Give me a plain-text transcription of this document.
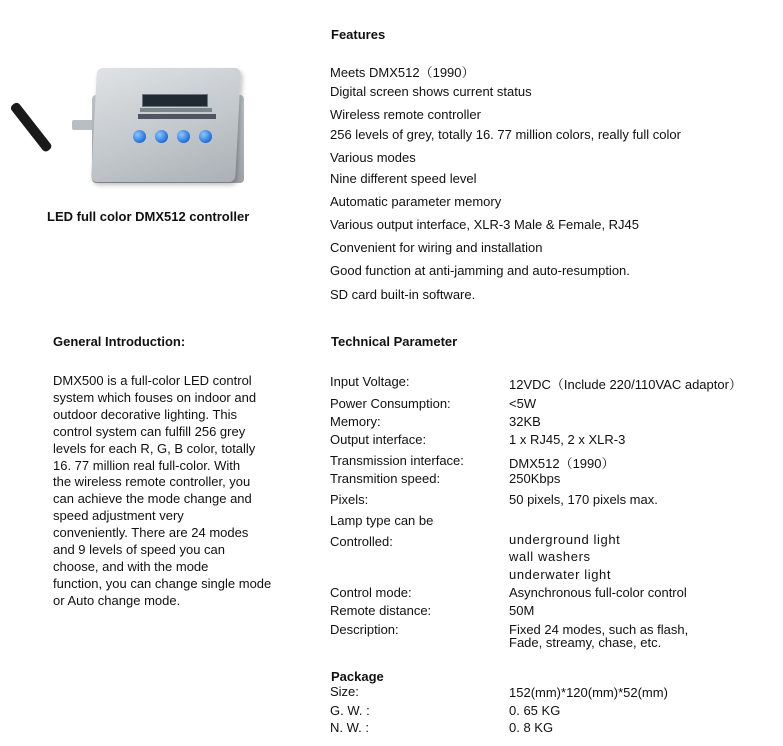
Features
Meets DMX512（1990）
Digital screen shows current status
Wireless remote controller
256 levels of grey, totally 16. 77 million colors, really full color
Various modes
Nine different speed level
Automatic parameter memory
Various output interface, XLR-3 Male & Female, RJ45
Convenient for wiring and installation
Good function at anti-jamming and auto-resumption.
SD card built-in software.
LED full color DMX512 controller
General Introduction:
DMX500 is a full-color LED control
system which fouses on indoor and
outdoor decorative lighting. This
control system can fulfill 256 grey
levels for each R, G, B color, totally
16. 77 million real full-color. With
the wireless remote controller, you
can achieve the mode change and
speed adjustment very
conveniently. There are 24 modes
and 9 levels of speed you can
choose, and with the mode
function, you can change single mode
or Auto change mode.
Technical Parameter
Input Voltage:	12VDC（Include 220/110VAC adaptor）
Power Consumption:	<5W
Memory:	32KB
Output interface:	1 x RJ45, 2 x XLR-3
Transmission interface:	DMX512（1990）
Transmition speed:	250Kbps
Pixels:	50 pixels, 170 pixels max.
Lamp type can be
Controlled:	underground light
wall washers
underwater light
Control mode:	Asynchronous full-color control
Remote distance:	50M
Description:	Fixed 24 modes, such as flash,
Fade, streamy, chase, etc.
Package
Size:	152(mm)*120(mm)*52(mm)
G. W. :	0. 65 KG
N. W. :	0. 8 KG
